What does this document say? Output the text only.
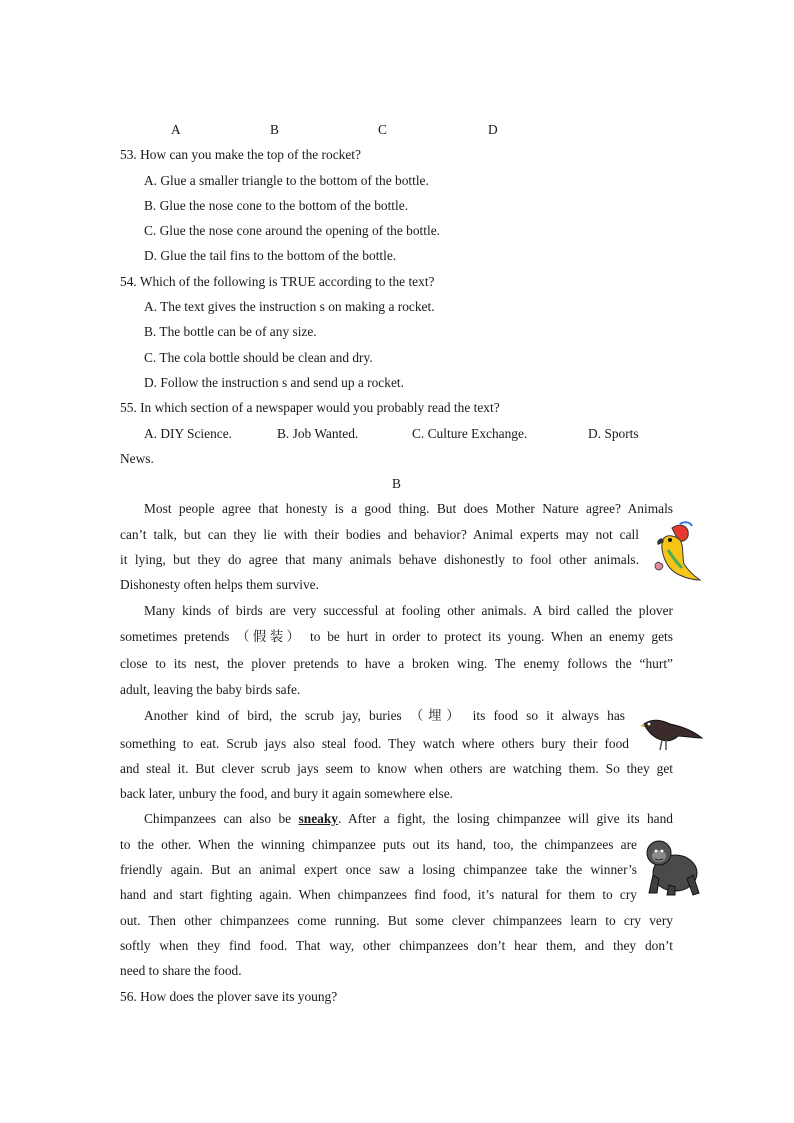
A	B	C	D
53. How can you make the top of the rocket?
A. Glue a smaller triangle to the bottom of the bottle.
B. Glue the nose cone to the bottom of the bottle.
C. Glue the nose cone around the opening of the bottle.
D. Glue the tail fins to the bottom of the bottle.
54. Which of the following is TRUE according to the text?
A. The text gives the instruction s on making a rocket.
B. The bottle can be of any size.
C. The cola bottle should be clean and dry.
D. Follow the instruction s and send up a rocket.
55. In which section of a newspaper would you probably read the text?
A. DIY Science.	B. Job Wanted.	C. Culture Exchange.	D. Sports
News.
B
Most people agree that honesty is a good thing. But does Mother Nature agree? Animals
can’t talk, but can they lie with their bodies and behavior? Animal experts may not call
it lying, but they do agree that many animals behave dishonestly to fool other animals.
Dishonesty often helps them survive.
Many kinds of birds are very successful at fooling other animals. A bird called the plover
sometimes pretends （假装） to be hurt in order to protect its young. When an enemy gets
close to its nest, the plover pretends to have a broken wing. The enemy follows the “hurt”
adult, leaving the baby birds safe.
Another kind of bird, the scrub jay, buries （埋） its food so it always has
something to eat. Scrub jays also steal food. They watch where others bury their food
and steal it. But clever scrub jays seem to know when others are watching them. So they get
back later, unbury the food, and bury it again somewhere else.
Chimpanzees can also be sneaky. After a fight, the losing chimpanzee will give its hand
to the other. When the winning chimpanzee puts out its hand, too, the chimpanzees are
friendly again. But an animal expert once saw a losing chimpanzee take the winner’s
hand and start fighting again. When chimpanzees find food, it’s natural for them to cry
out. Then other chimpanzees come running. But some clever chimpanzees learn to cry very
softly when they find food. That way, other chimpanzees don’t hear them, and they don’t
need to share the food.
56. How does the plover save its young?
